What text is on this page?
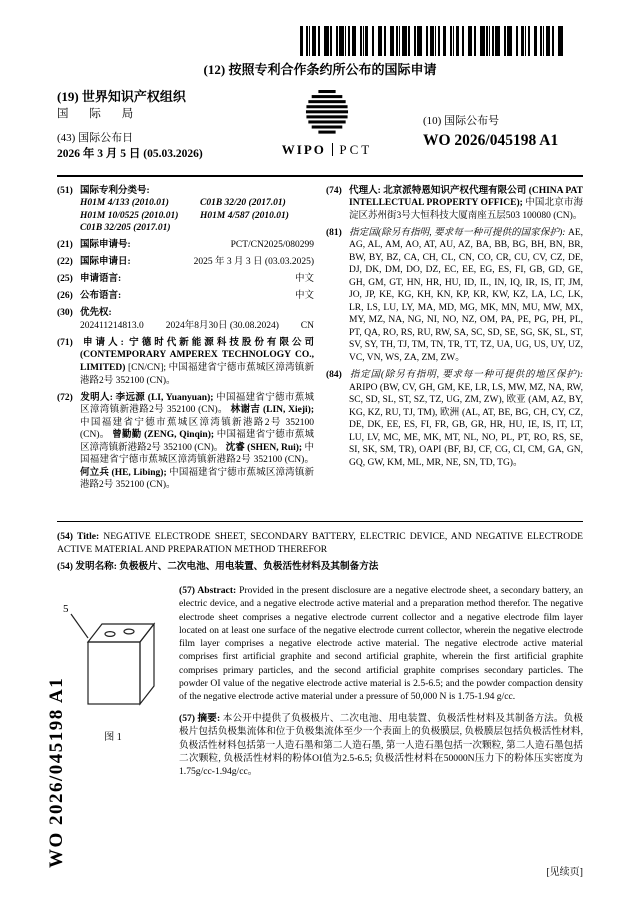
(12) 按照专利合作条约所公布的国际申请
(19) 世界知识产权组织
国 际 局
(43) 国际公布日
2026 年 3 月 5 日 (05.03.2026)	WIPO PCT
(10) 国际公布号
WO 2026/045198 A1
(51) 国际专利分类号:
H01M 4/133 (2010.01)	C01B 32/20 (2017.01)
H01M 10/0525 (2010.01)	H01M 4/587 (2010.01)
C01B 32/205 (2017.01)
(21) 国际申请号:	PCT/CN2025/080299
(22) 国际申请日:	2025 年 3 月 3 日 (03.03.2025)
(25) 申请语言:	中文
(26) 公布语言:	中文
(30) 优先权:
202411214813.0 2024年8月30日 (30.08.2024) CN
(71) 申请人: 宁德时代新能源科技股份有限公司 (CONTEMPORARY AMPEREX TECHNOLOGY CO., LIMITED) [CN/CN]; 中国福建省宁德市蕉城区漳湾镇新港路2号 352100 (CN)。
(72) 发明人: 李远源 (LI, Yuanyuan); 中国福建省宁德市蕉城区漳湾镇新港路2号 352100 (CN)。 林谢吉 (LIN, Xieji); 中国福建省宁德市蕉城区漳湾镇新港路2号 352100 (CN)。 曾勤勤 (ZENG, Qinqin); 中国福建省宁德市蕉城区漳湾镇新港路2号 352100 (CN)。 沈睿 (SHEN, Rui); 中国福建省宁德市蕉城区漳湾镇新港路2号 352100 (CN)。 何立兵 (HE, Libing); 中国福建省宁德市蕉城区漳湾镇新港路2号 352100 (CN)。
(74) 代理人: 北京派特恩知识产权代理有限公司 (CHINA PAT INTELLECTUAL PROPERTY OFFICE); 中国北京市海淀区苏州街3号大恒科技大厦南座五层503 100080 (CN)。
(81) 指定国(除另有指明, 要求每一种可提供的国家保护): AE, AG, AL, AM, AO, AT, AU, AZ, BA, BB, BG, BH, BN, BR, BW, BY, BZ, CA, CH, CL, CN, CO, CR, CU, CV, CZ, DE, DJ, DK, DM, DO, DZ, EC, EE, EG, ES, FI, GB, GD, GE, GH, GM, GT, HN, HR, HU, ID, IL, IN, IQ, IR, IS, IT, JM, JO, JP, KE, KG, KH, KN, KP, KR, KW, KZ, LA, LC, LK, LR, LS, LU, LY, MA, MD, MG, MK, MN, MU, MW, MX, MY, MZ, NA, NG, NI, NO, NZ, OM, PA, PE, PG, PH, PL, PT, QA, RO, RS, RU, RW, SA, SC, SD, SE, SG, SK, SL, ST, SV, SY, TH, TJ, TM, TN, TR, TT, TZ, UA, UG, US, UY, UZ, VC, VN, WS, ZA, ZM, ZW。
(84) 指定国(除另有指明, 要求每一种可提供的地区保护): ARIPO (BW, CV, GH, GM, KE, LR, LS, MW, MZ, NA, RW, SC, SD, SL, ST, SZ, TZ, UG, ZM, ZW), 欧亚 (AM, AZ, BY, KG, KZ, RU, TJ, TM), 欧洲 (AL, AT, BE, BG, CH, CY, CZ, DE, DK, EE, ES, FI, FR, GB, GR, HR, HU, IE, IS, IT, LT, LU, LV, MC, ME, MK, MT, NL, NO, PL, PT, RO, RS, SE, SI, SK, SM, TR), OAPI (BF, BJ, CF, CG, CI, CM, GA, GN, GQ, GW, KM, ML, MR, NE, SN, TD, TG)。

(54) Title: NEGATIVE ELECTRODE SHEET, SECONDARY BATTERY, ELECTRIC DEVICE, AND NEGATIVE ELECTRODE ACTIVE MATERIAL AND PREPARATION METHOD THEREFOR

(54) 发明名称: 负极极片、二次电池、用电装置、负极活性材料及其制备方法

5
图 1

(57) Abstract: Provided in the present disclosure are a negative electrode sheet, a secondary battery, an electric device, and a negative electrode active material and a preparation method therefor. The negative electrode sheet comprises a negative electrode current collector and a negative electrode film layer located on at least one surface of the negative electrode current collector, wherein the negative electrode film layer comprises a negative electrode active material. The negative electrode active material comprises first artificial graphite and second artificial graphite, wherein the first artificial graphite comprises primary particles, and the second artificial graphite comprises secondary particles. The powder OI value of the negative electrode active material is 2.5-6.5; and the powder compaction density of the negative electrode active material under a pressure of 50,000 N is 1.75-1.94 g/cc.

(57) 摘要: 本公开中提供了负极极片、二次电池、用电装置、负极活性材料及其制备方法。负极极片包括负极集流体和位于负极集流体至少一个表面上的负极膜层, 负极膜层包括负极活性材料, 负极活性材料包括第一人造石墨和第二人造石墨, 第一人造石墨包括一次颗粒, 第二人造石墨包括二次颗粒, 负极活性材料的粉体OI值为2.5-6.5; 负极活性材料在50000N压力下的粉体压实密度为1.75g/cc-1.94g/cc。

WO 2026/045198 A1
[见续页]
